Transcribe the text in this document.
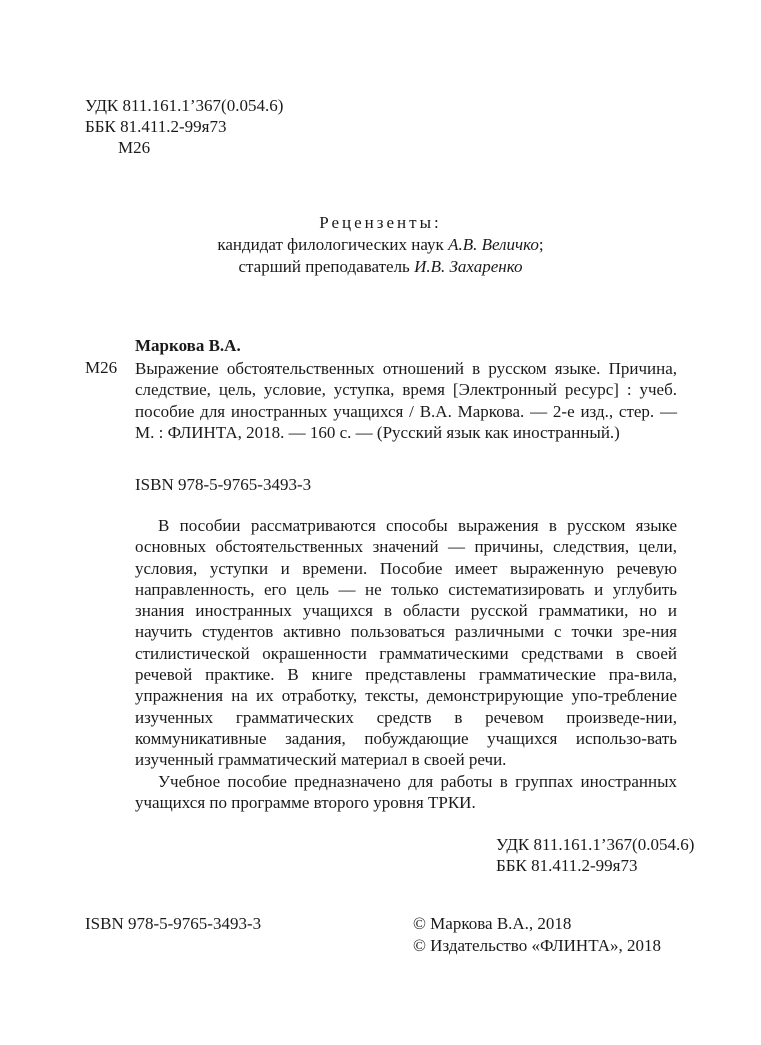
УДК 811.161.1’367(0.054.6)
ББК 81.411.2-99я73
М26
Рецензенты:
кандидат филологических наук А.В. Величко;
старший преподаватель И.В. Захаренко
Маркова В.А.
М26 Выражение обстоятельственных отношений в русском языке. Причина, следствие, цель, условие, уступка, время [Электронный ресурс] : учеб. пособие для иностранных учащихся / В.А. Маркова. — 2-е изд., стер. — М. : ФЛИНТА, 2018. — 160 с. — (Русский язык как иностранный.)

ISBN 978-5-9765-3493-3

В пособии рассматриваются способы выражения в русском языке основных обстоятельственных значений — причины, следствия, цели, условия, уступки и времени. Пособие имеет выраженную речевую направленность, его цель — не только систематизировать и углубить знания иностранных учащихся в области русской грамматики, но и научить студентов активно пользоваться различными с точки зре-ния стилистической окрашенности грамматическими средствами в своей речевой практике. В книге представлены грамматические пра-вила, упражнения на их отработку, тексты, демонстрирующие упо-требление изученных грамматических средств в речевом произведе-нии, коммуникативные задания, побуждающие учащихся использо-вать изученный грамматический материал в своей речи.

Учебное пособие предназначено для работы в группах иностранных учащихся по программе второго уровня ТРКИ.

УДК 811.161.1’367(0.054.6)
ББК 81.411.2-99я73
ISBN 978-5-9765-3493-3	© Маркова В.А., 2018
© Издательство «ФЛИНТА», 2018
